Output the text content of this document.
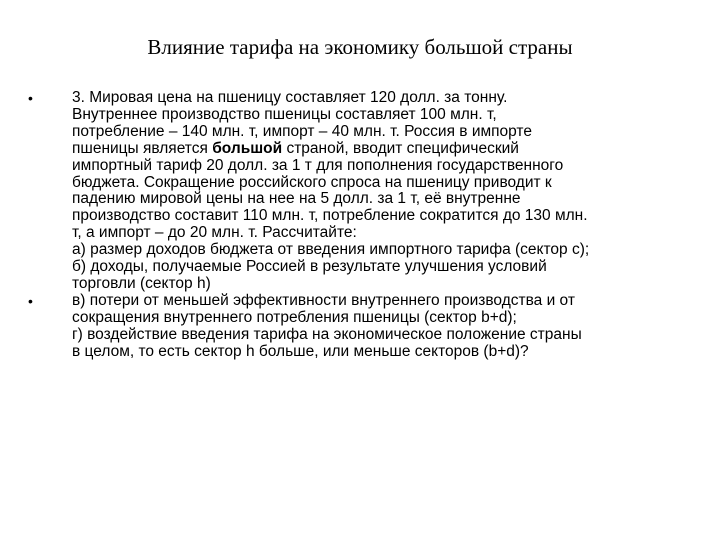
Влияние тарифа на экономику большой страны
•	3. Мировая цена на пшеницу составляет 120 долл. за тонну.
Внутреннее производство пшеницы составляет 100 млн. т,
потребление – 140 млн. т, импорт – 40 млн. т. Россия в импорте
пшеницы является большой страной, вводит специфический
импортный тариф 20 долл. за 1 т для пополнения государственного
бюджета. Сокращение российского спроса на пшеницу приводит к
падению мировой цены на нее на 5 долл. за 1 т, её внутренне
производство составит 110 млн. т, потребление сократится до 130 млн.
т, а импорт – до 20 млн. т. Рассчитайте:
а) размер доходов бюджета от введения импортного тарифа (сектор с);
б) доходы, получаемые Россией в результате улучшения условий
торговли (сектор h)
•	в) потери от меньшей эффективности внутреннего производства и от
сокращения внутреннего потребления пшеницы (сектор b+d);
г) воздействие введения тарифа на экономическое положение страны
в целом, то есть сектор h больше, или меньше секторов (b+d)?
